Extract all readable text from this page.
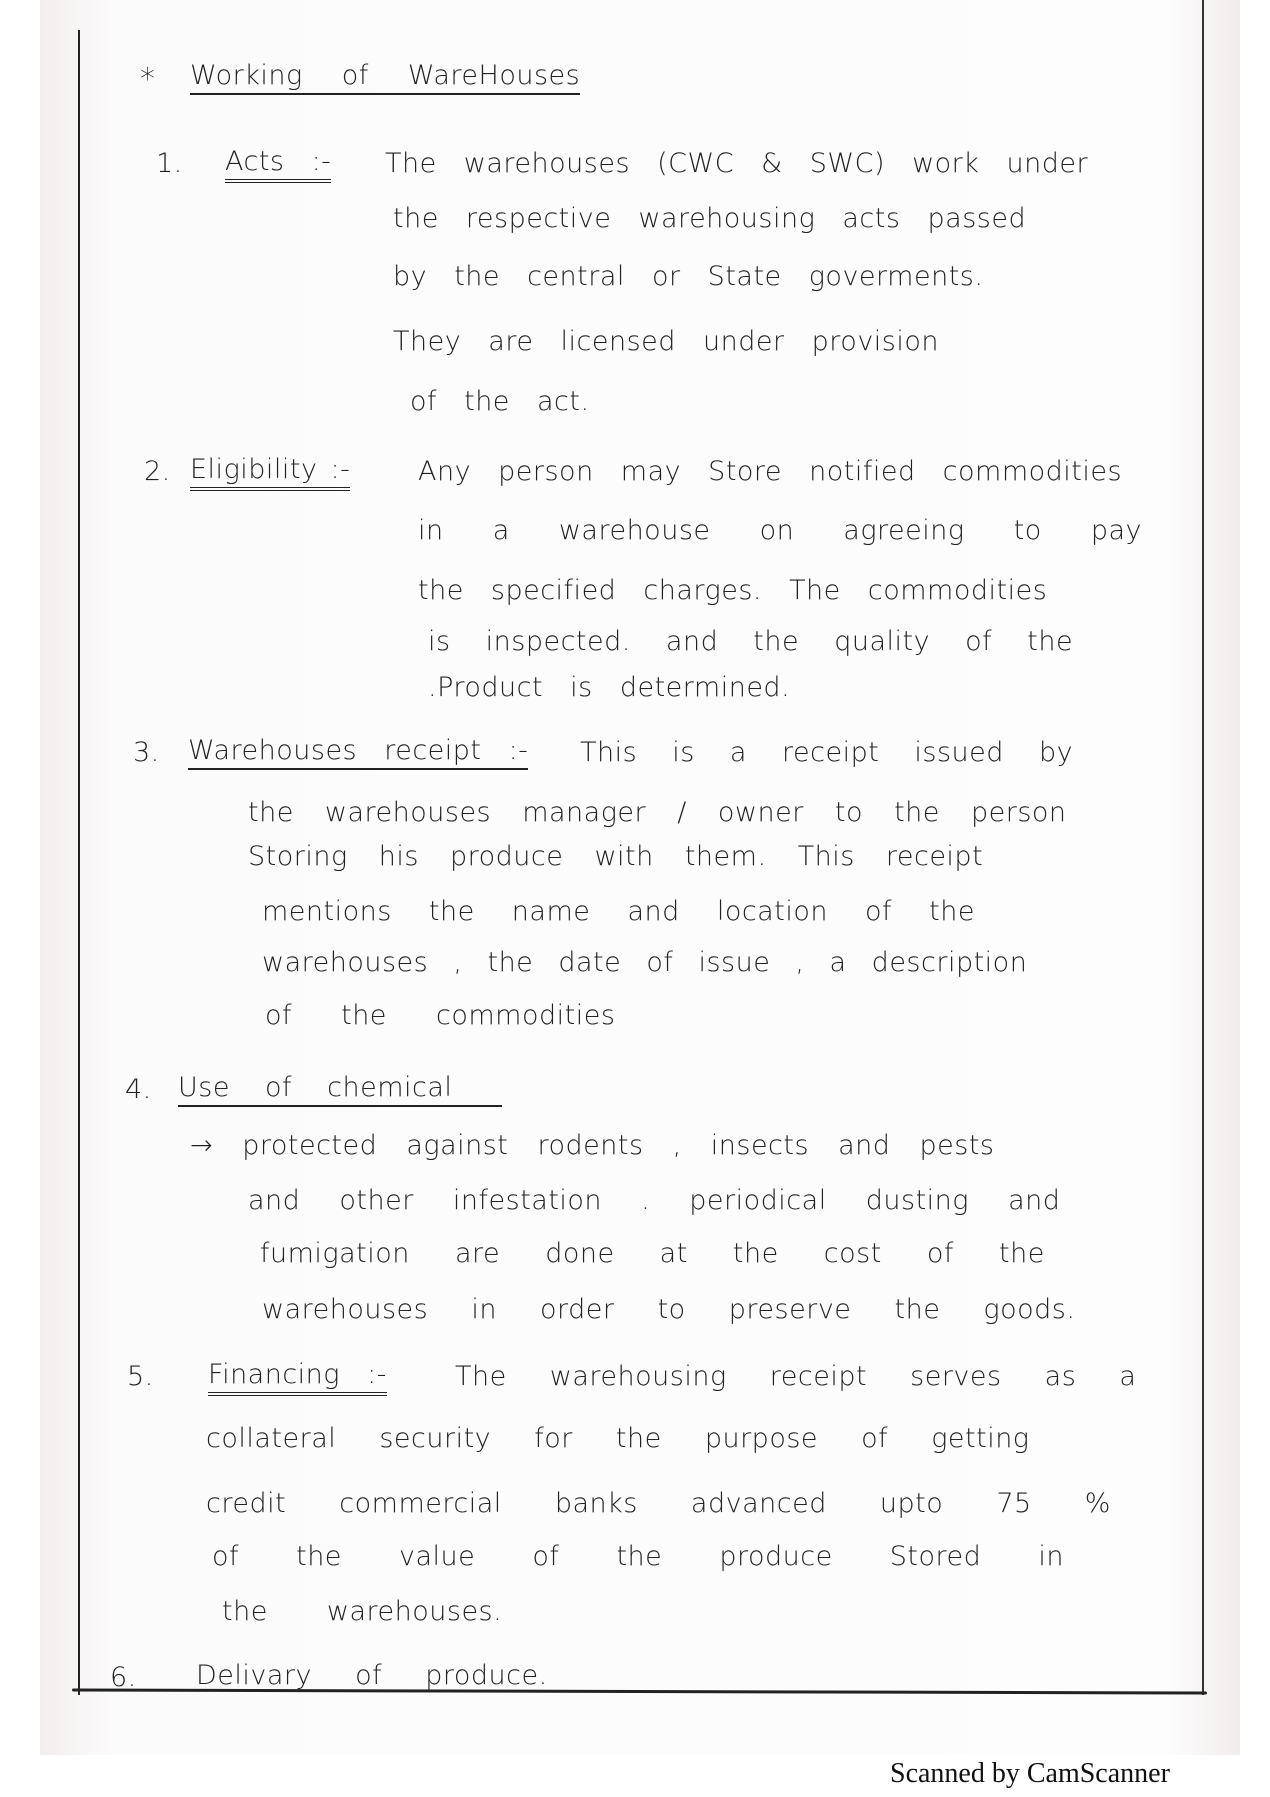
* Working of WareHouses
1. Acts :- The warehouses (CWC & SWC) work under
the respective warehousing acts passed
by the central or State goverments.
They are licensed under provision
of the act.
2. Eligibility :-	Any person may Store notified commodities
in a warehouse on agreeing to pay
the specified charges. The commodities
is inspected. and the quality of the
.Product is determined.
3. Warehouses receipt :- This is a receipt issued by
the warehouses manager / owner to the person
Storing his produce with them. This receipt
mentions the name and location of the
warehouses , the date of issue , a description
of the commodities
4. Use of chemical
→ protected against rodents , insects and pests
and other infestation . periodical dusting and
fumigation are done at the cost of the
warehouses in order to preserve the goods.
5. Financing :-	The warehousing receipt serves as a
collateral security for the purpose of getting
credit commercial banks advanced upto 75 %
of the value of the produce Stored in
the warehouses.
6. Delivary of produce.
Scanned by CamScanner
